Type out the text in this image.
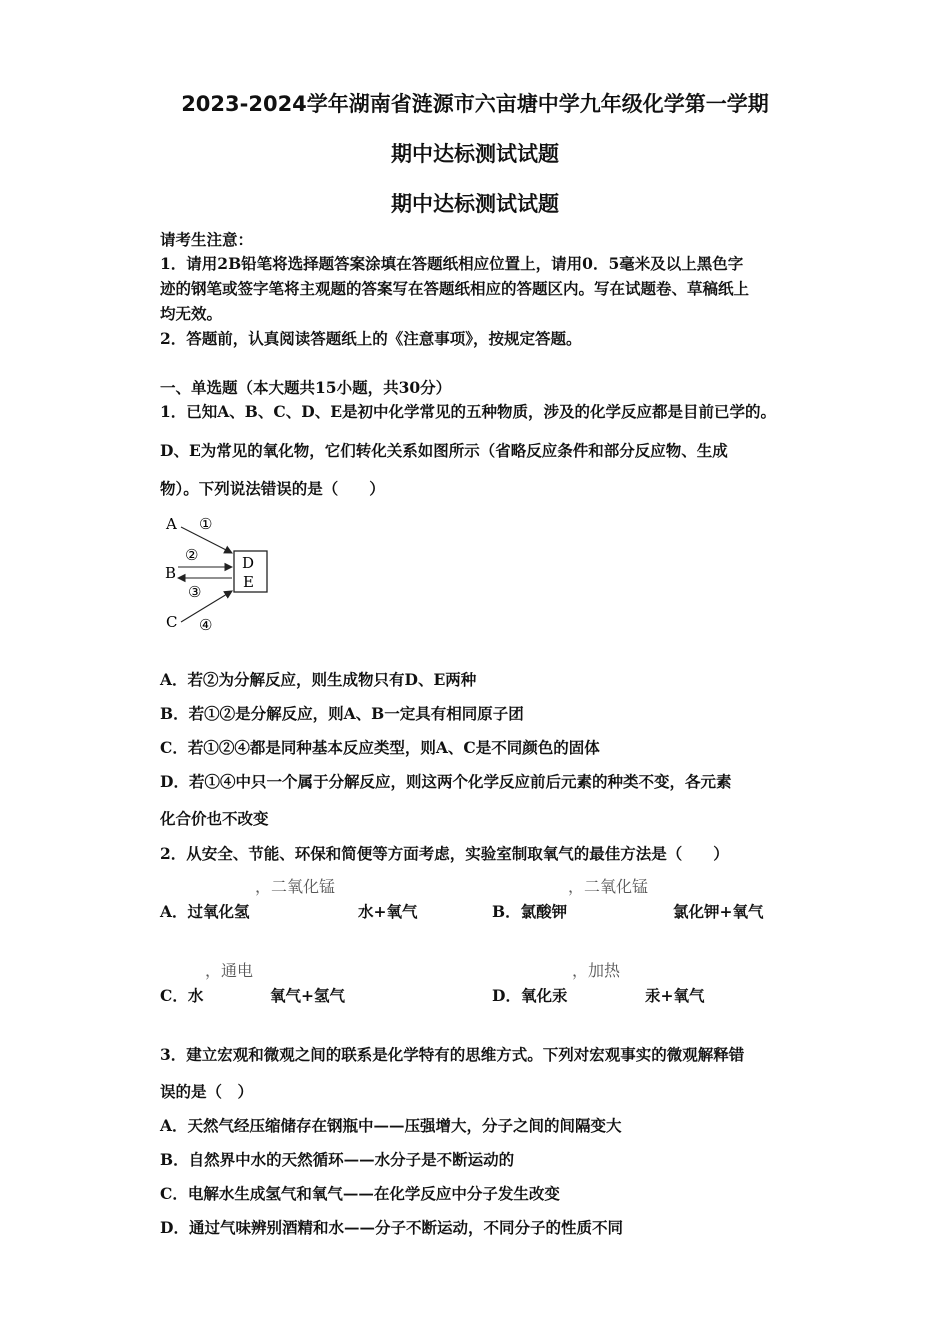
2023-2024学年湖南省涟源市六亩塘中学九年级化学第一学期
期中达标测试试题
期中达标测试试题
请考生注意：
1．请用2B铅笔将选择题答案涂填在答题纸相应位置上，请用0．5毫米及以上黑色字
迹的钢笔或签字笔将主观题的答案写在答题纸相应的答题区内。写在试题卷、草稿纸上
均无效。
2．答题前，认真阅读答题纸上的《注意事项》，按规定答题。
一、单选题（本大题共15小题，共30分）
1．已知A、B、C、D、E是初中化学常见的五种物质，涉及的化学反应都是目前已学的。
D、E为常见的氧化物，它们转化关系如图所示（省略反应条件和部分反应物、生成
物）。下列说法错误的是（　　）
A ①
②
B
③
C ④
D
E
A．若②为分解反应，则生成物只有D、E两种
B．若①②是分解反应，则A、B一定具有相同原子团
C．若①②④都是同种基本反应类型，则A、C是不同颜色的固体
D．若①④中只一个属于分解反应，则这两个化学反应前后元素的种类不变，各元素
化合价也不改变
2．从安全、节能、环保和简便等方面考虑，实验室制取氧气的最佳方法是（　　）
，二氧化锰
A．过氧化氢	水+氧气
，二氧化锰
B．氯酸钾	氯化钾+氧气
，通电
C．水	氧气+氢气
，加热
D．氧化汞	汞+氧气
3．建立宏观和微观之间的联系是化学特有的思维方式。下列对宏观事实的微观解释错
误的是（　）
A．天然气经压缩储存在钢瓶中——压强增大，分子之间的间隔变大
B．自然界中水的天然循环——水分子是不断运动的
C．电解水生成氢气和氧气——在化学反应中分子发生改变
D．通过气味辨别酒精和水——分子不断运动，不同分子的性质不同
